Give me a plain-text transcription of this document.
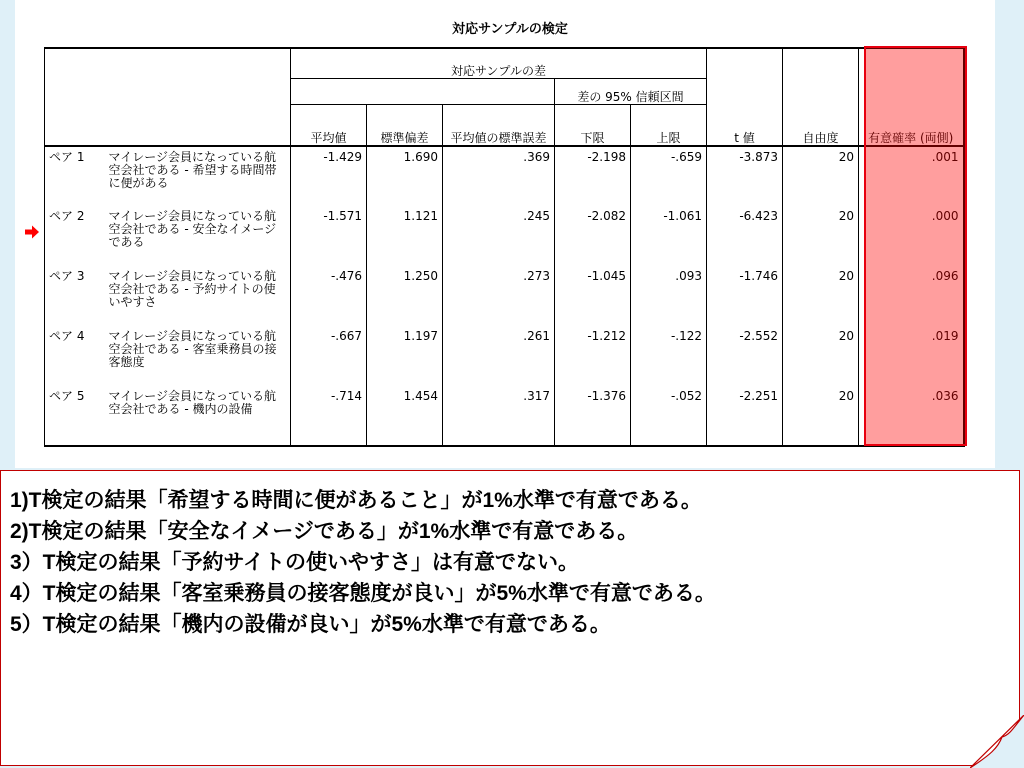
対応サンプルの検定
		対応サンプルの差					t 値	自由度	有意確率 (両側)
					差の 95% 信頼区間				
		平均値	標準偏差	平均値の標準誤差	下限	上限			
ペア 1	マイレージ会員になっている航空会社である - 希望する時間帯に便がある	-1.429	1.690	.369	-2.198	-.659	-3.873	20	.001
ペア 2	マイレージ会員になっている航空会社である - 安全なイメージである	-1.571	1.121	.245	-2.082	-1.061	-6.423	20	.000
ペア 3	マイレージ会員になっている航空会社である - 予約サイトの使いやすさ	-.476	1.250	.273	-1.045	.093	-1.746	20	.096
ペア 4	マイレージ会員になっている航空会社である - 客室乗務員の接客態度	-.667	1.197	.261	-1.212	-.122	-2.552	20	.019
ペア 5	マイレージ会員になっている航空会社である - 機内の設備	-.714	1.454	.317	-1.376	-.052	-2.251	20	.036
1)T検定の結果「希望する時間に便があること」が1%水準で有意である。
2)T検定の結果「安全なイメージである」が1%水準で有意である。
3）T検定の結果「予約サイトの使いやすさ」は有意でない。
4）T検定の結果「客室乗務員の接客態度が良い」が5%水準で有意である。
5）T検定の結果「機内の設備が良い」が5%水準で有意である。
